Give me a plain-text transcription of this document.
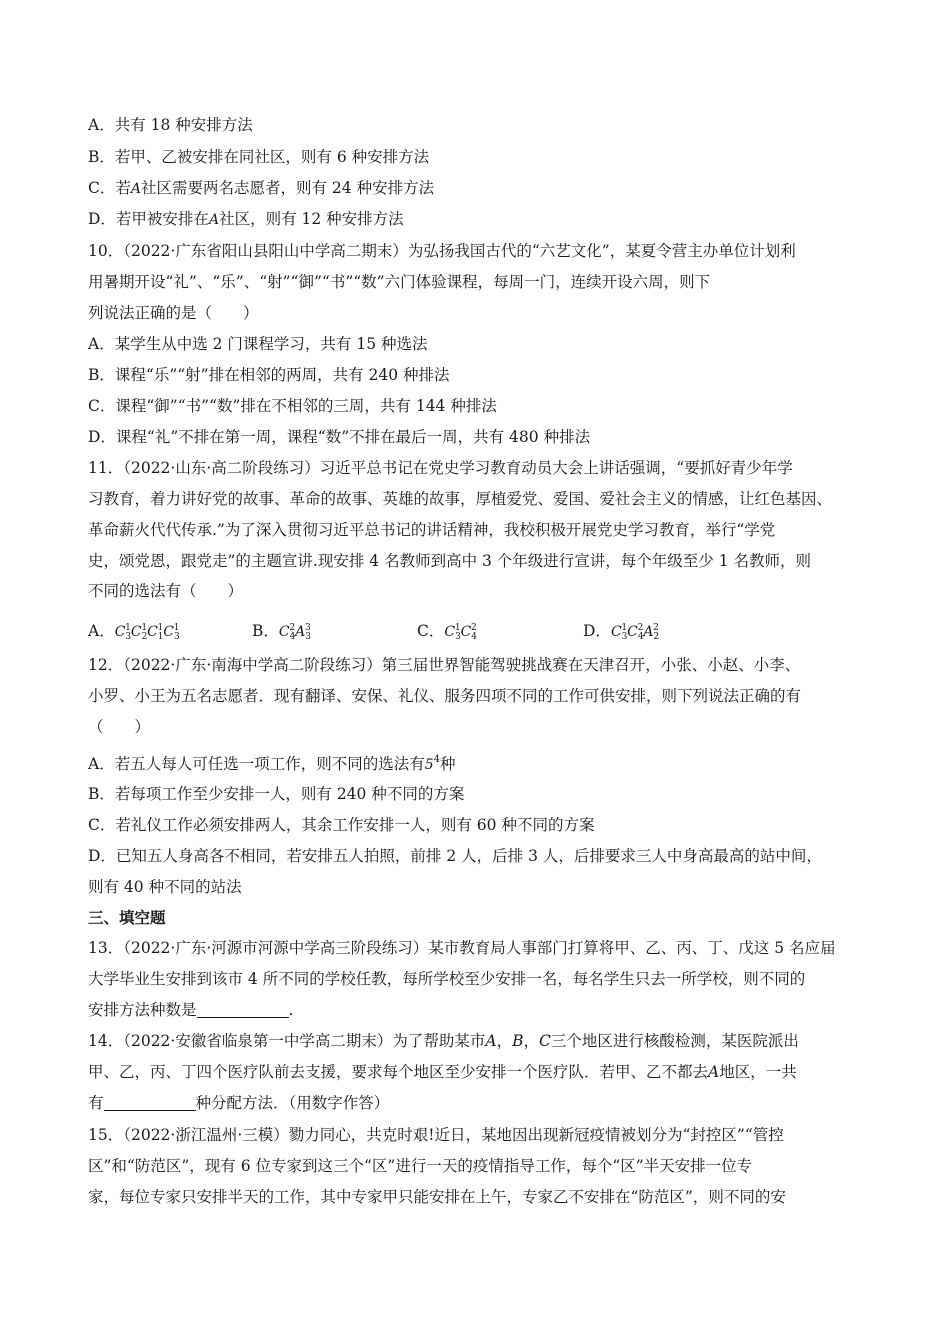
A．共有 18 种安排方法
B．若甲、乙被安排在同社区，则有 6 种安排方法
C．若A社区需要两名志愿者，则有 24 种安排方法
D．若甲被安排在A社区，则有 12 种安排方法
10．（2022·广东省阳山县阳山中学高二期末）为弘扬我国古代的“六艺文化”，某夏令营主办单位计划利
用暑期开设“礼”、“乐”、“射”“御”“书”“数”六门体验课程，每周一门，连续开设六周，则下
列说法正确的是（　　）
A．某学生从中选 2 门课程学习，共有 15 种选法
B．课程“乐”“射”排在相邻的两周，共有 240 种排法
C．课程“御”“书”“数”排在不相邻的三周，共有 144 种排法
D．课程“礼”不排在第一周，课程“数”不排在最后一周，共有 480 种排法
11．（2022·山东·高二阶段练习）习近平总书记在党史学习教育动员大会上讲话强调，“要抓好青少年学
习教育，着力讲好党的故事、革命的故事、英雄的故事，厚植爱党、爱国、爱社会主义的情感，让红色基因、
革命薪火代代传承.”为了深入贯彻习近平总书记的讲话精神，我校积极开展党史学习教育，举行“学党
史，颂党恩，跟党走”的主题宣讲.现安排 4 名教师到高中 3 个年级进行宣讲，每个年级至少 1 名教师，则
不同的选法有（　　）
A．$C_3^1C_2^1C_1^1C_3^1$	B．$C_4^2A_3^3$	C．$C_3^1C_4^2$	D．$C_3^1C_4^2A_2^2$
12．（2022·广东·南海中学高二阶段练习）第三届世界智能驾驶挑战赛在天津召开，小张、小赵、小李、
小罗、小王为五名志愿者．现有翻译、安保、礼仪、服务四项不同的工作可供安排，则下列说法正确的有
（　　）
A．若五人每人可任选一项工作，则不同的选法有$5^4$种
B．若每项工作至少安排一人，则有 240 种不同的方案
C．若礼仪工作必须安排两人，其余工作安排一人，则有 60 种不同的方案
D．已知五人身高各不相同，若安排五人拍照，前排 2 人，后排 3 人，后排要求三人中身高最高的站中间，
则有 40 种不同的站法
三、填空题
13．（2022·广东·河源市河源中学高三阶段练习）某市教育局人事部门打算将甲、乙、丙、丁、戊这 5 名应届
大学毕业生安排到该市 4 所不同的学校任教，每所学校至少安排一名，每名学生只去一所学校，则不同的
安排方法种数是	.
14．（2022·安徽省临泉第一中学高二期末）为了帮助某市A，B，C三个地区进行核酸检测，某医院派出
甲、乙，丙、丁四个医疗队前去支援，要求每个地区至少安排一个医疗队．若甲、乙不都去A地区，一共
有	种分配方法．（用数字作答）
15．（2022·浙江温州·三模）勠力同心，共克时艰!近日，某地因出现新冠疫情被划分为“封控区”“管控
区”和“防范区”，现有 6 位专家到这三个“区”进行一天的疫情指导工作，每个“区”半天安排一位专
家，每位专家只安排半天的工作，其中专家甲只能安排在上午，专家乙不安排在“防范区”，则不同的安
